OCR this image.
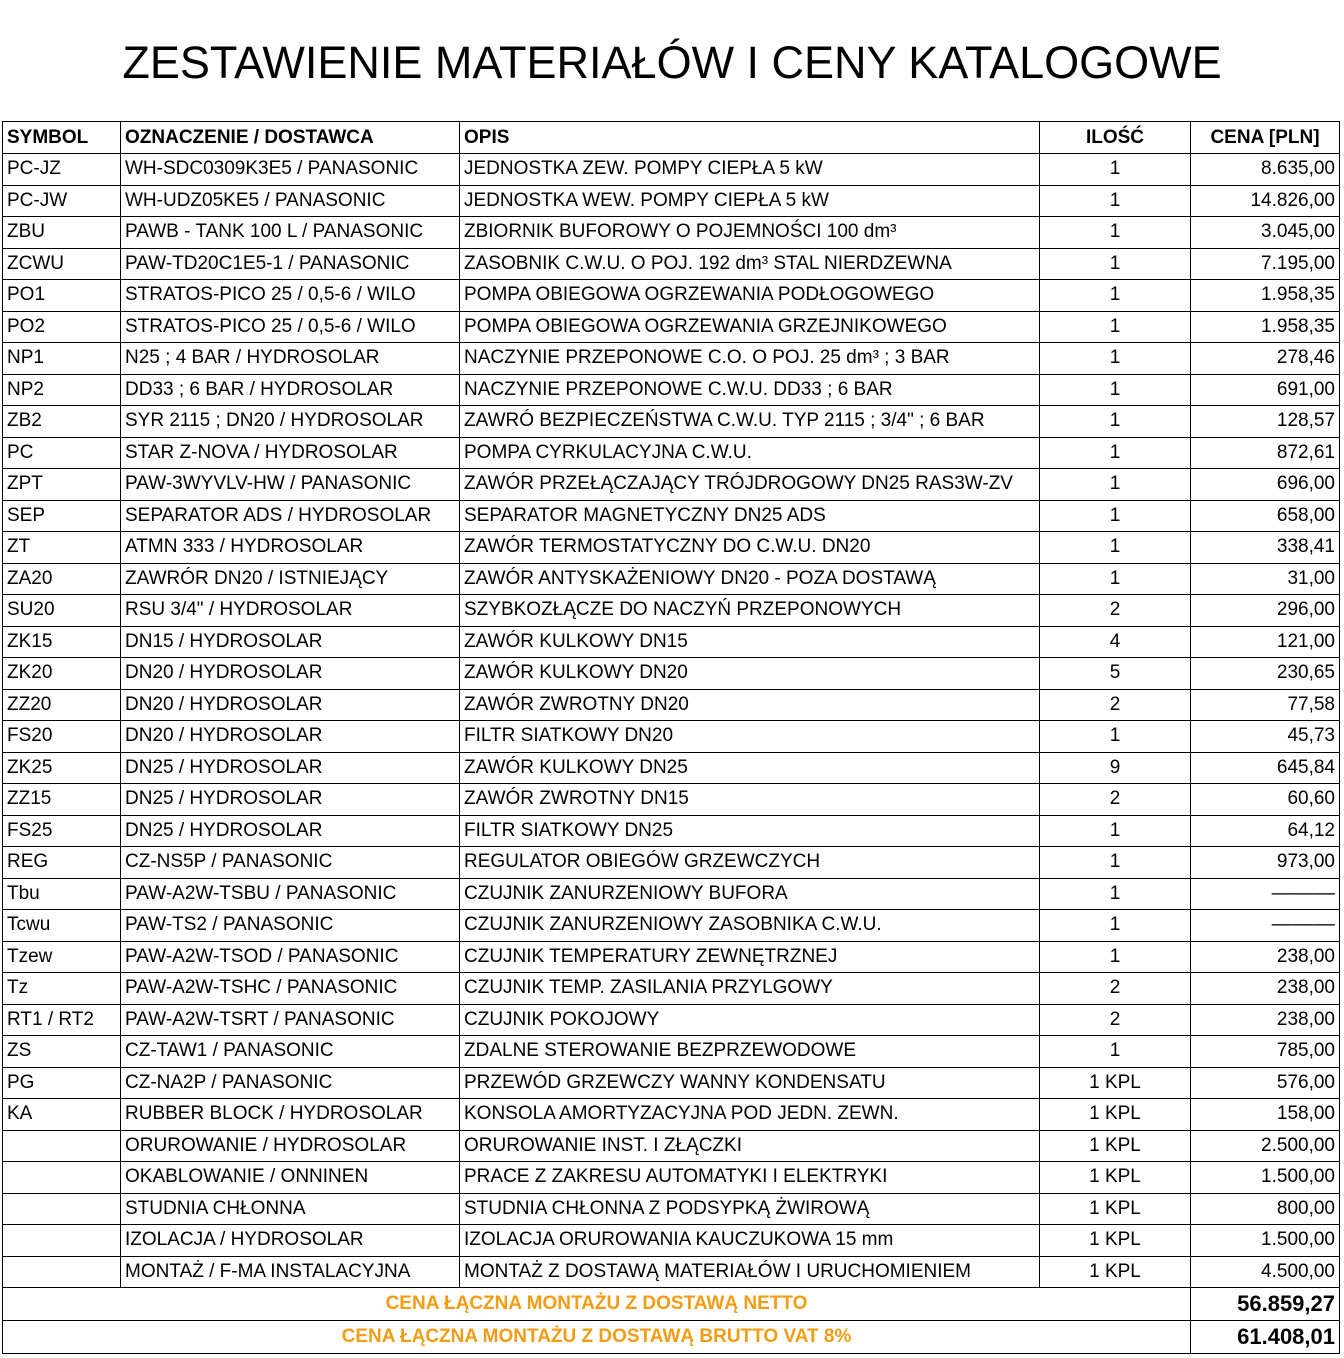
ZESTAWIENIE MATERIAŁÓW I CENY KATALOGOWE
SYMBOL	OZNACZENIE / DOSTAWCA	OPIS	ILOŚĆ	CENA [PLN]
PC-JZ	WH-SDC0309K3E5 / PANASONIC	JEDNOSTKA ZEW. POMPY CIEPŁA 5 kW	1	8.635,00
PC-JW	WH-UDZ05KE5 / PANASONIC	JEDNOSTKA WEW. POMPY CIEPŁA 5 kW	1	14.826,00
ZBU	PAWB - TANK 100 L / PANASONIC	ZBIORNIK BUFOROWY O POJEMNOŚCI 100 dm³	1	3.045,00
ZCWU	PAW-TD20C1E5-1 / PANASONIC	ZASOBNIK C.W.U. O POJ. 192 dm³ STAL NIERDZEWNA	1	7.195,00
PO1	STRATOS-PICO 25 / 0,5-6 / WILO	POMPA OBIEGOWA OGRZEWANIA PODŁOGOWEGO	1	1.958,35
PO2	STRATOS-PICO 25 / 0,5-6 / WILO	POMPA OBIEGOWA OGRZEWANIA GRZEJNIKOWEGO	1	1.958,35
NP1	N25 ; 4 BAR / HYDROSOLAR	NACZYNIE PRZEPONOWE C.O. O POJ. 25 dm³ ; 3 BAR	1	278,46
NP2	DD33 ; 6 BAR / HYDROSOLAR	NACZYNIE PRZEPONOWE C.W.U. DD33 ; 6 BAR	1	691,00
ZB2	SYR 2115 ; DN20 / HYDROSOLAR	ZAWRÓ BEZPIECZEŃSTWA C.W.U. TYP 2115 ; 3/4" ; 6 BAR	1	128,57
PC	STAR Z-NOVA / HYDROSOLAR	POMPA CYRKULACYJNA C.W.U.	1	872,61
ZPT	PAW-3WYVLV-HW / PANASONIC	ZAWÓR PRZEŁĄCZAJĄCY TRÓJDROGOWY DN25 RAS3W-ZV	1	696,00
SEP	SEPARATOR ADS / HYDROSOLAR	SEPARATOR MAGNETYCZNY DN25 ADS	1	658,00
ZT	ATMN 333 / HYDROSOLAR	ZAWÓR TERMOSTATYCZNY DO C.W.U. DN20	1	338,41
ZA20	ZAWRÓR DN20 / ISTNIEJĄCY	ZAWÓR ANTYSKAŻENIOWY DN20 - POZA DOSTAWĄ	1	31,00
SU20	RSU 3/4" / HYDROSOLAR	SZYBKOZŁĄCZE DO NACZYŃ PRZEPONOWYCH	2	296,00
ZK15	DN15 / HYDROSOLAR	ZAWÓR KULKOWY DN15	4	121,00
ZK20	DN20 / HYDROSOLAR	ZAWÓR KULKOWY DN20	5	230,65
ZZ20	DN20 / HYDROSOLAR	ZAWÓR ZWROTNY DN20	2	77,58
FS20	DN20 / HYDROSOLAR	FILTR SIATKOWY DN20	1	45,73
ZK25	DN25 / HYDROSOLAR	ZAWÓR KULKOWY DN25	9	645,84
ZZ15	DN25 / HYDROSOLAR	ZAWÓR ZWROTNY DN15	2	60,60
FS25	DN25 / HYDROSOLAR	FILTR SIATKOWY DN25	1	64,12
REG	CZ-NS5P / PANASONIC	REGULATOR OBIEGÓW GRZEWCZYCH	1	973,00
Tbu	PAW-A2W-TSBU / PANASONIC	CZUJNIK ZANURZENIOWY BUFORA	1	––––––
Tcwu	PAW-TS2 / PANASONIC	CZUJNIK ZANURZENIOWY ZASOBNIKA C.W.U.	1	––––––
Tzew	PAW-A2W-TSOD / PANASONIC	CZUJNIK TEMPERATURY ZEWNĘTRZNEJ	1	238,00
Tz	PAW-A2W-TSHC / PANASONIC	CZUJNIK TEMP. ZASILANIA PRZYLGOWY	2	238,00
RT1 / RT2	PAW-A2W-TSRT / PANASONIC	CZUJNIK POKOJOWY	2	238,00
ZS	CZ-TAW1 / PANASONIC	ZDALNE STEROWANIE BEZPRZEWODOWE	1	785,00
PG	CZ-NA2P / PANASONIC	PRZEWÓD GRZEWCZY WANNY KONDENSATU	1 KPL	576,00
KA	RUBBER BLOCK / HYDROSOLAR	KONSOLA AMORTYZACYJNA POD JEDN. ZEWN.	1 KPL	158,00
	ORUROWANIE / HYDROSOLAR	ORUROWANIE INST. I ZŁĄCZKI	1 KPL	2.500,00
	OKABLOWANIE / ONNINEN	PRACE Z ZAKRESU AUTOMATYKI I ELEKTRYKI	1 KPL	1.500,00
	STUDNIA CHŁONNA	STUDNIA CHŁONNA Z PODSYPKĄ ŻWIROWĄ	1 KPL	800,00
	IZOLACJA / HYDROSOLAR	IZOLACJA ORUROWANIA KAUCZUKOWA 15 mm	1 KPL	1.500,00
	MONTAŻ / F-MA INSTALACYJNA	MONTAŻ Z DOSTAWĄ MATERIAŁÓW I URUCHOMIENIEM	1 KPL	4.500,00
CENA ŁĄCZNA MONTAŻU Z DOSTAWĄ NETTO				56.859,27
CENA ŁĄCZNA MONTAŻU Z DOSTAWĄ BRUTTO VAT 8%				61.408,01
